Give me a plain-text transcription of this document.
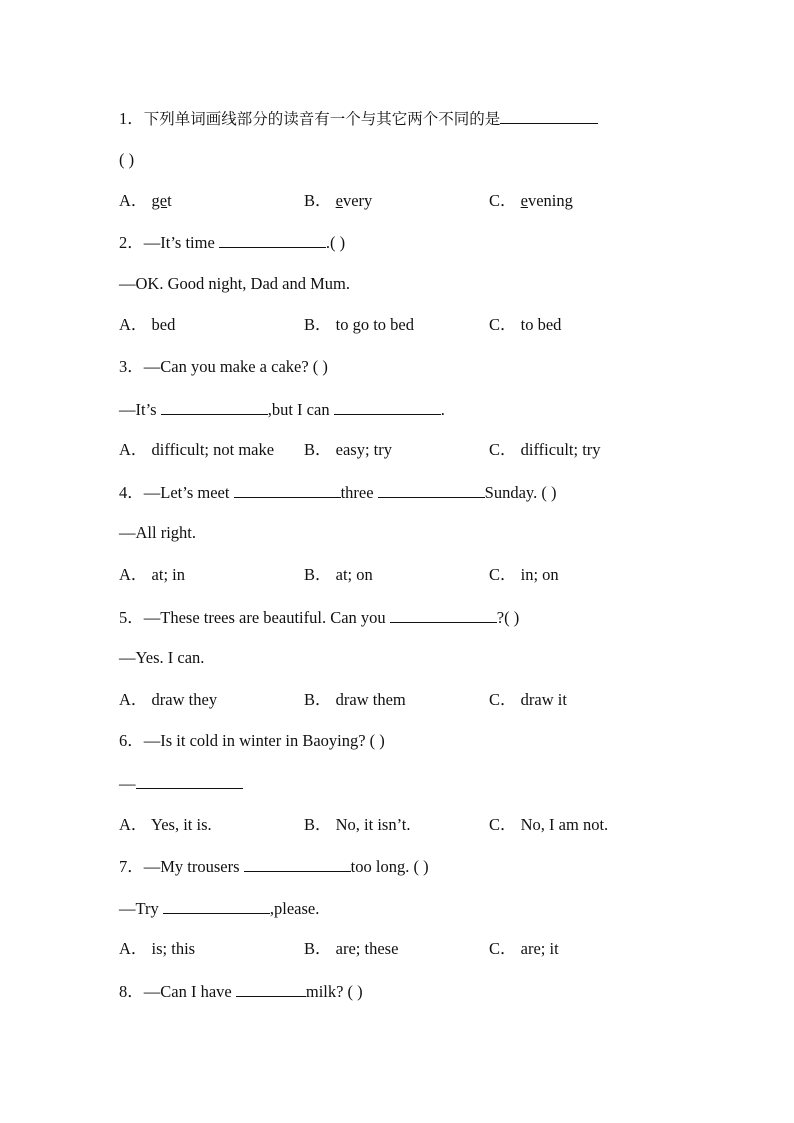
1．下列单词画线部分的读音有一个与其它两个不同的是
( )
A． get	B． every	C． evening
2．—It’s time	.( )
—OK. Good night, Dad and Mum.
A． bed	B． to go to bed	C． to bed
3．—Can you make a cake? ( )
—It’s	,but I can	.
A． difficult; not make B． easy; try	C． difficult; try
4．—Let’s meet	three	Sunday. ( )
—All right.
A． at; in	B． at; on	C． in; on
5．—These trees are beautiful. Can you	?( )
—Yes. I can.
A． draw they	B． draw them	C． draw it
6．—Is it cold in winter in Baoying? ( )
—
A． Yes, it is.	B． No, it isn’t.	C． No, I am not.
7．—My trousers	too long. ( )
—Try	,please.
A． is; this	B． are; these	C． are; it
8．—Can I have	milk? ( )
